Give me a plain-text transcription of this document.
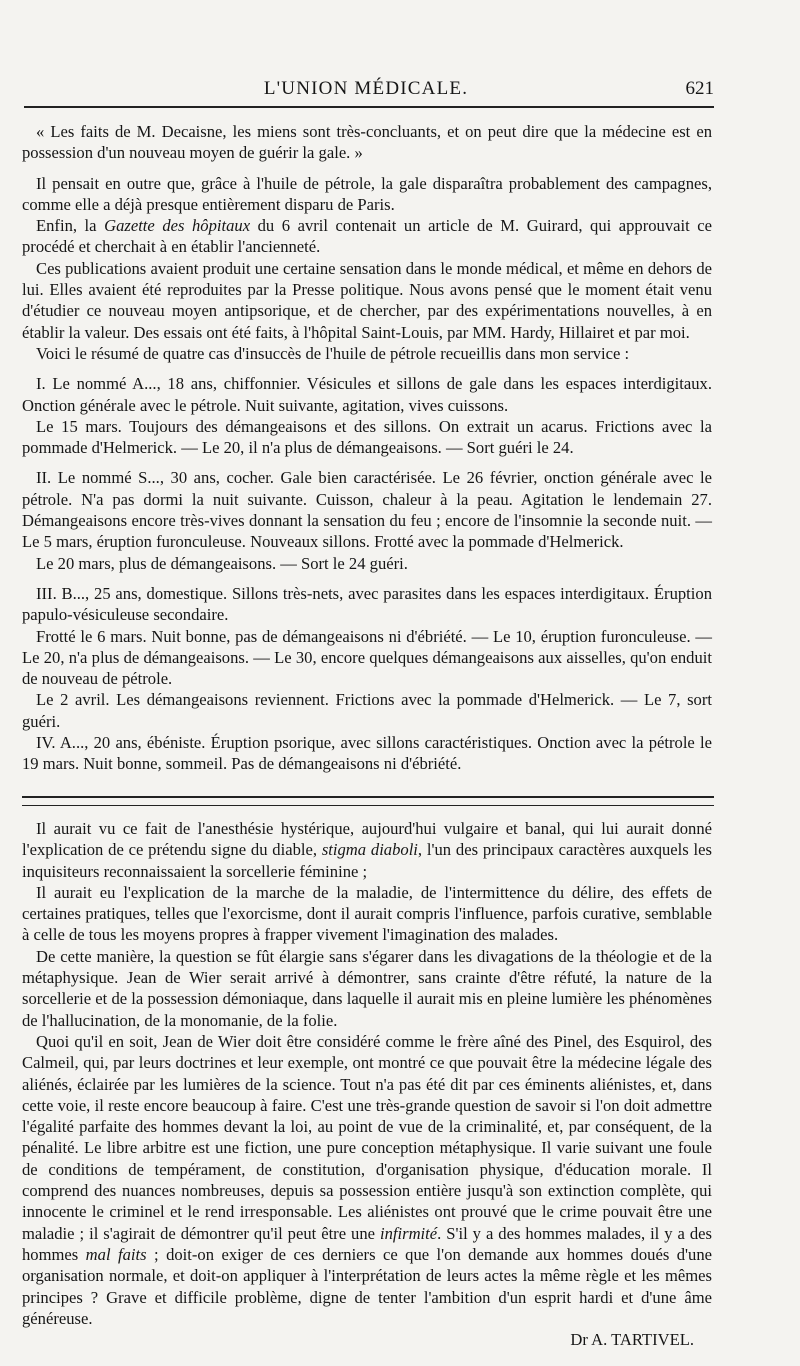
L'UNION MÉDICALE.	621

« Les faits de M. Decaisne, les miens sont très-concluants, et on peut dire que la médecine est en possession d'un nouveau moyen de guérir la gale. »

Il pensait en outre que, grâce à l'huile de pétrole, la gale disparaîtra probablement des campagnes, comme elle a déjà presque entièrement disparu de Paris.

Enfin, la Gazette des hôpitaux du 6 avril contenait un article de M. Guirard, qui approuvait ce procédé et cherchait à en établir l'ancienneté.

Ces publications avaient produit une certaine sensation dans le monde médical, et même en dehors de lui. Elles avaient été reproduites par la Presse politique. Nous avons pensé que le moment était venu d'étudier ce nouveau moyen antipsorique, et de chercher, par des expérimentations nouvelles, à en établir la valeur. Des essais ont été faits, à l'hôpital Saint-Louis, par MM. Hardy, Hillairet et par moi.

Voici le résumé de quatre cas d'insuccès de l'huile de pétrole recueillis dans mon service :

I. Le nommé A..., 18 ans, chiffonnier. Vésicules et sillons de gale dans les espaces interdigitaux. Onction générale avec le pétrole. Nuit suivante, agitation, vives cuissons.

Le 15 mars. Toujours des démangeaisons et des sillons. On extrait un acarus. Frictions avec la pommade d'Helmerick. — Le 20, il n'a plus de démangeaisons. — Sort guéri le 24.

II. Le nommé S..., 30 ans, cocher. Gale bien caractérisée. Le 26 février, onction générale avec le pétrole. N'a pas dormi la nuit suivante. Cuisson, chaleur à la peau. Agitation le lendemain 27. Démangeaisons encore très-vives donnant la sensation du feu ; encore de l'insomnie la seconde nuit. — Le 5 mars, éruption furonculeuse. Nouveaux sillons. Frotté avec la pommade d'Helmerick.

Le 20 mars, plus de démangeaisons. — Sort le 24 guéri.

III. B..., 25 ans, domestique. Sillons très-nets, avec parasites dans les espaces interdigitaux. Éruption papulo-vésiculeuse secondaire.

Frotté le 6 mars. Nuit bonne, pas de démangeaisons ni d'ébriété. — Le 10, éruption furonculeuse. — Le 20, n'a plus de démangeaisons. — Le 30, encore quelques démangeaisons aux aisselles, qu'on enduit de nouveau de pétrole.

Le 2 avril. Les démangeaisons reviennent. Frictions avec la pommade d'Helmerick. — Le 7, sort guéri.

IV. A..., 20 ans, ébéniste. Éruption psorique, avec sillons caractéristiques. Onction avec la pétrole le 19 mars. Nuit bonne, sommeil. Pas de démangeaisons ni d'ébriété.

Il aurait vu ce fait de l'anesthésie hystérique, aujourd'hui vulgaire et banal, qui lui aurait donné l'explication de ce prétendu signe du diable, stigma diaboli, l'un des principaux caractères auxquels les inquisiteurs reconnaissaient la sorcellerie féminine ;

Il aurait eu l'explication de la marche de la maladie, de l'intermittence du délire, des effets de certaines pratiques, telles que l'exorcisme, dont il aurait compris l'influence, parfois curative, semblable à celle de tous les moyens propres à frapper vivement l'imagination des malades.

De cette manière, la question se fût élargie sans s'égarer dans les divagations de la théologie et de la métaphysique. Jean de Wier serait arrivé à démontrer, sans crainte d'être réfuté, la nature de la sorcellerie et de la possession démoniaque, dans laquelle il aurait mis en pleine lumière les phénomènes de l'hallucination, de la monomanie, de la folie.

Quoi qu'il en soit, Jean de Wier doit être considéré comme le frère aîné des Pinel, des Esquirol, des Calmeil, qui, par leurs doctrines et leur exemple, ont montré ce que pouvait être la médecine légale des aliénés, éclairée par les lumières de la science. Tout n'a pas été dit par ces éminents aliénistes, et, dans cette voie, il reste encore beaucoup à faire. C'est une très-grande question de savoir si l'on doit admettre l'égalité parfaite des hommes devant la loi, au point de vue de la criminalité, et, par conséquent, de la pénalité. Le libre arbitre est une fiction, une pure conception métaphysique. Il varie suivant une foule de conditions de tempérament, de constitution, d'organisation physique, d'éducation morale. Il comprend des nuances nombreuses, depuis sa possession entière jusqu'à son extinction complète, qui innocente le criminel et le rend irresponsable. Les aliénistes ont prouvé que le crime pouvait être une maladie ; il s'agirait de démontrer qu'il peut être une infirmité. S'il y a des hommes malades, il y a des hommes mal faits ; doit-on exiger de ces derniers ce que l'on demande aux hommes doués d'une organisation normale, et doit-on appliquer à l'interprétation de leurs actes la même règle et les mêmes principes ? Grave et difficile problème, digne de tenter l'ambition d'un esprit hardi et d'une âme généreuse.

Dr A. TARTIVEL.
